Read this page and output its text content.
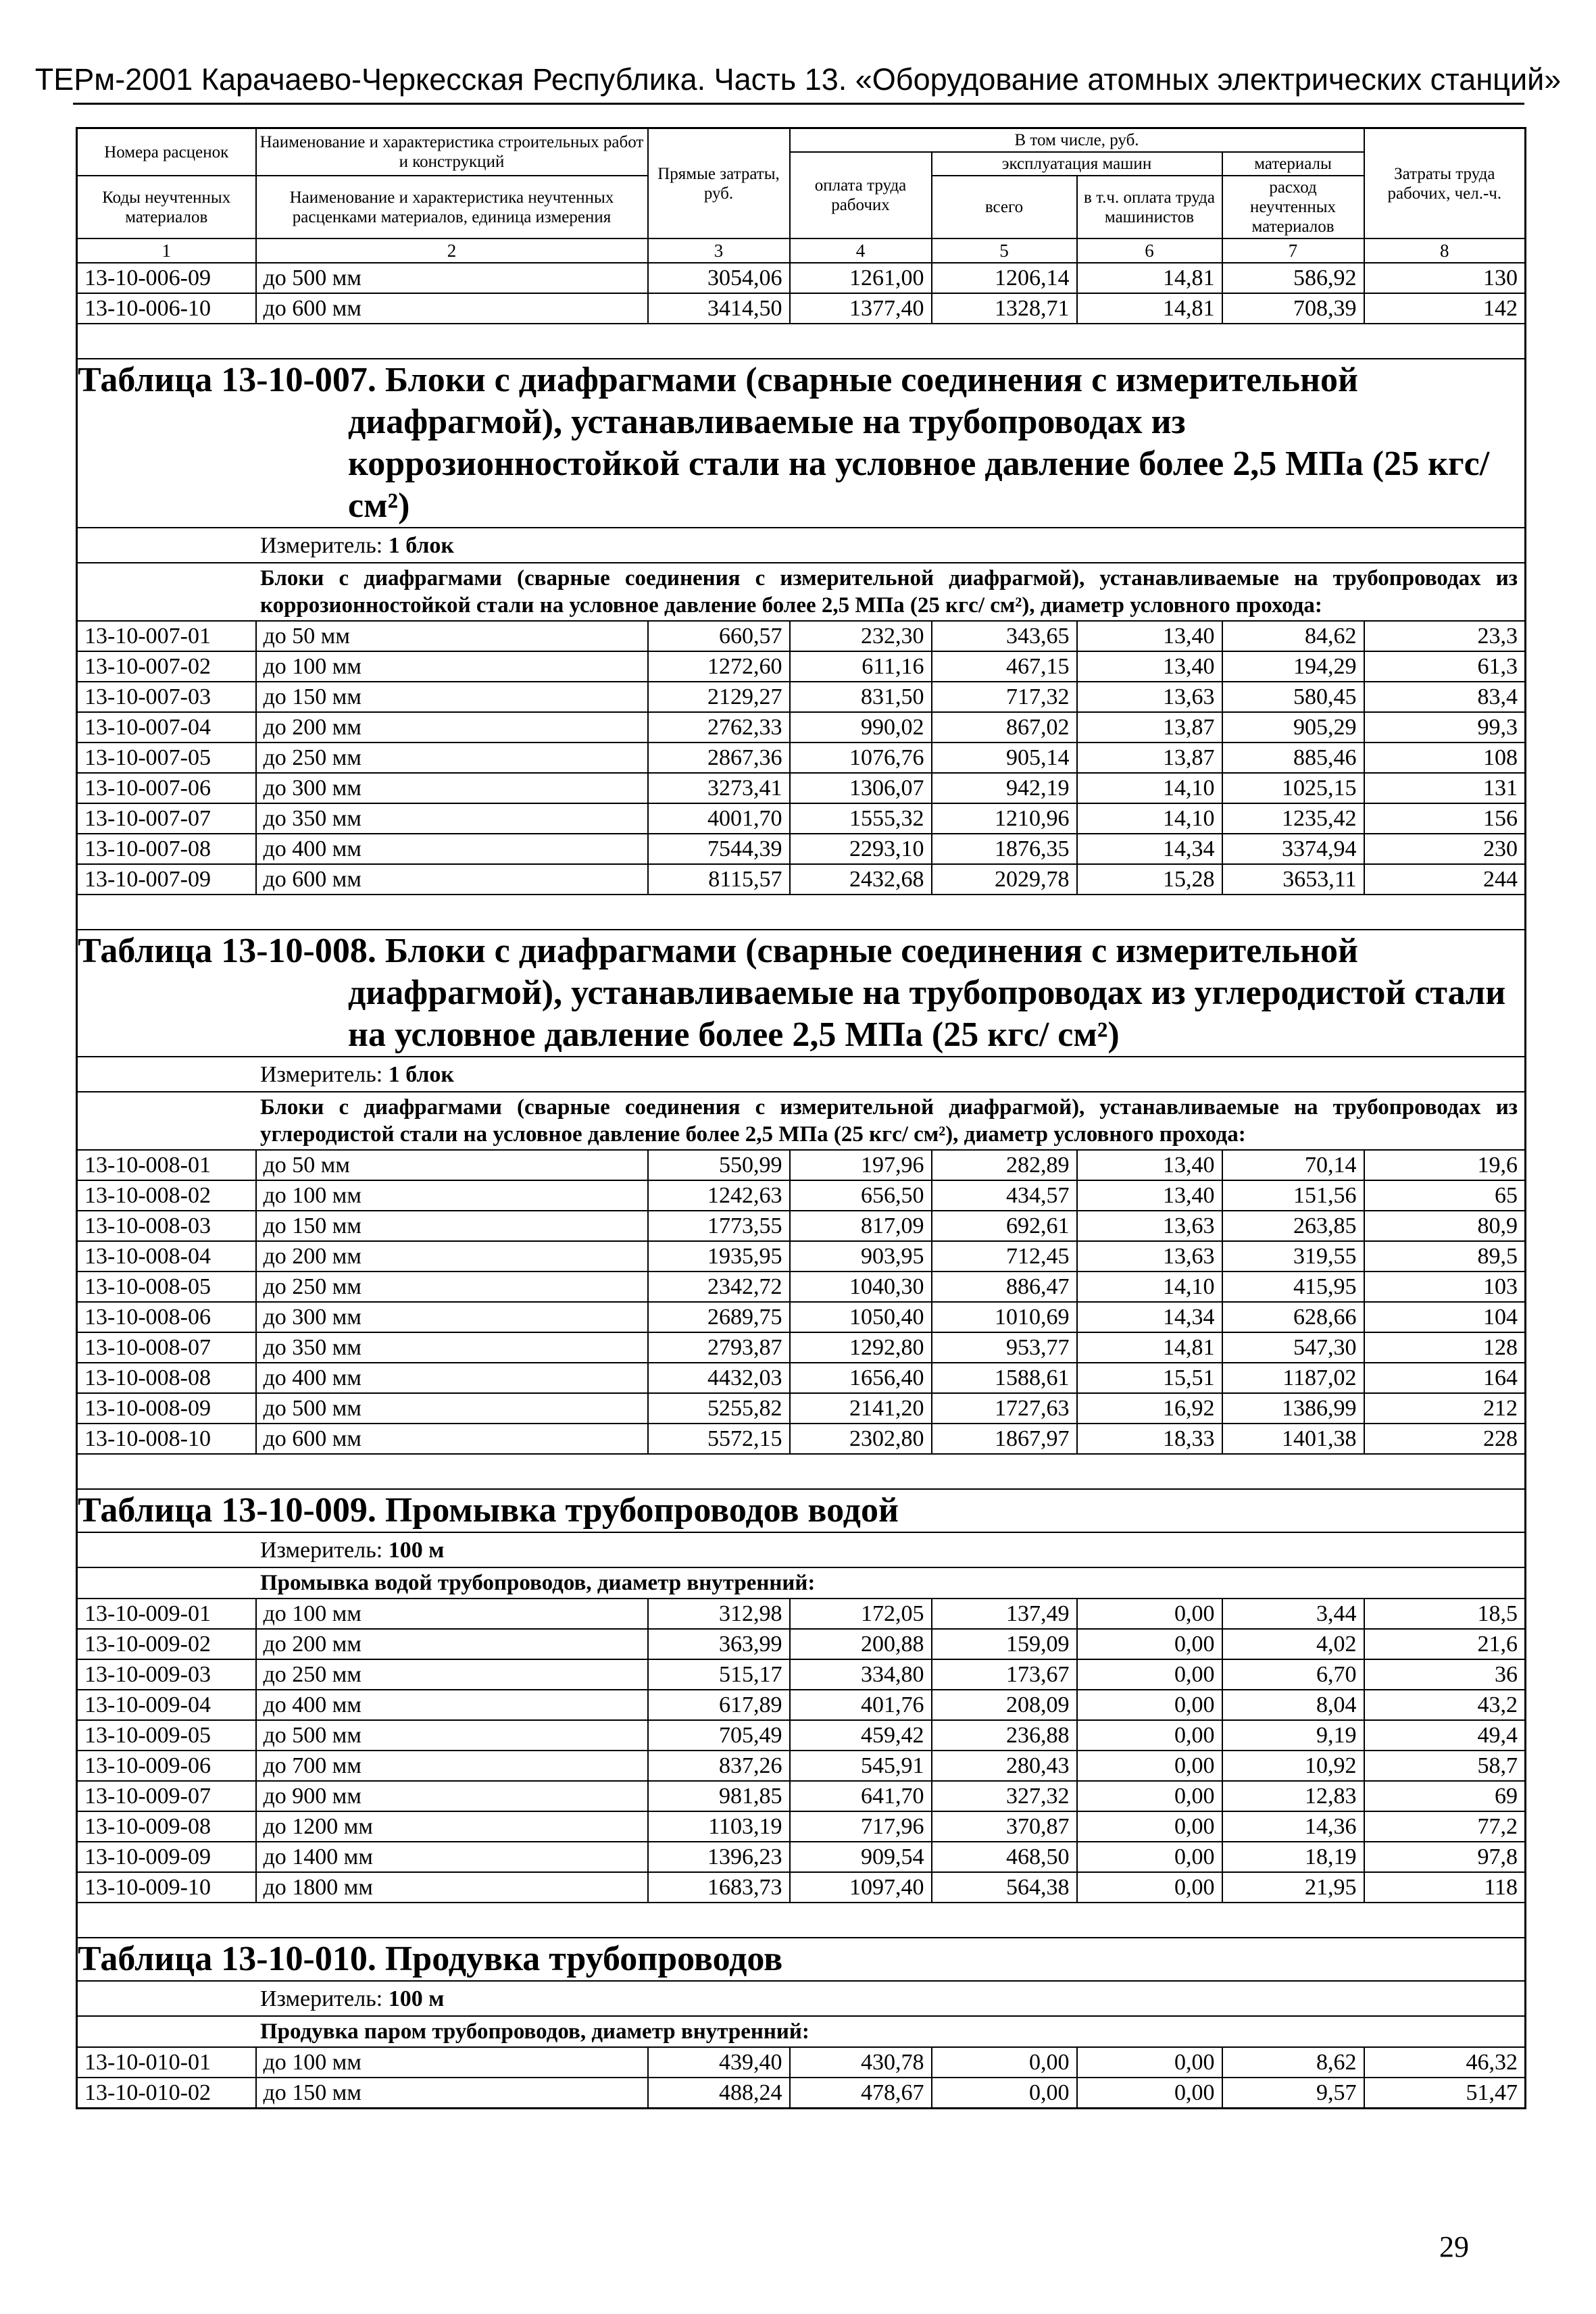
ТЕРм-2001 Карачаево-Черкесская Республика. Часть 13. «Оборудование атомных электрических станций»
Номера расценок	Наименование и характеристика строительных работ и конструкций	Прямые затраты, руб.	В том числе, руб.				Затраты труда рабочих, чел.-ч.
			оплата труда рабочих	эксплуатация машин		материалы	
Коды неучтенных материалов	Наименование и характеристика неучтенных расценками материалов, единица измерения			всего	в т.ч. оплата труда машинистов	расход неучтенных материалов	

1	2	3	4	5	6	7	8
13-10-006-09	до 500 мм	3054,06	1261,00	1206,14	14,81	586,92	130
13-10-006-10	до 600 мм	3414,50	1377,40	1328,71	14,81	708,39	142

Таблица 13-10-007. Блоки с диафрагмами (сварные соединения с измерительной диафрагмой), устанавливаемые на трубопроводах из коррозионностойкой стали на условное давление более 2,5 МПа (25 кгс/ см²)							

Измеритель: 1 блок							
Блоки с диафрагмами (сварные соединения с измерительной диафрагмой), устанавливаемые на трубопроводах из коррозионностойкой стали на условное давление более 2,5 МПа (25 кгс/ см²), диаметр условного прохода:							
13-10-007-01	до 50 мм	660,57	232,30	343,65	13,40	84,62	23,3
13-10-007-02	до 100 мм	1272,60	611,16	467,15	13,40	194,29	61,3
13-10-007-03	до 150 мм	2129,27	831,50	717,32	13,63	580,45	83,4
13-10-007-04	до 200 мм	2762,33	990,02	867,02	13,87	905,29	99,3
13-10-007-05	до 250 мм	2867,36	1076,76	905,14	13,87	885,46	108
13-10-007-06	до 300 мм	3273,41	1306,07	942,19	14,10	1025,15	131
13-10-007-07	до 350 мм	4001,70	1555,32	1210,96	14,10	1235,42	156
13-10-007-08	до 400 мм	7544,39	2293,10	1876,35	14,34	3374,94	230
13-10-007-09	до 600 мм	8115,57	2432,68	2029,78	15,28	3653,11	244

Таблица 13-10-008. Блоки с диафрагмами (сварные соединения с измерительной диафрагмой), устанавливаемые на трубопроводах из углеродистой стали на условное давление более 2,5 МПа (25 кгс/ см²)							

Измеритель: 1 блок							
Блоки с диафрагмами (сварные соединения с измерительной диафрагмой), устанавливаемые на трубопроводах из углеродистой стали на условное давление более 2,5 МПа (25 кгс/ см²), диаметр условного прохода:							
13-10-008-01	до 50 мм	550,99	197,96	282,89	13,40	70,14	19,6
13-10-008-02	до 100 мм	1242,63	656,50	434,57	13,40	151,56	65
13-10-008-03	до 150 мм	1773,55	817,09	692,61	13,63	263,85	80,9
13-10-008-04	до 200 мм	1935,95	903,95	712,45	13,63	319,55	89,5
13-10-008-05	до 250 мм	2342,72	1040,30	886,47	14,10	415,95	103
13-10-008-06	до 300 мм	2689,75	1050,40	1010,69	14,34	628,66	104
13-10-008-07	до 350 мм	2793,87	1292,80	953,77	14,81	547,30	128
13-10-008-08	до 400 мм	4432,03	1656,40	1588,61	15,51	1187,02	164
13-10-008-09	до 500 мм	5255,82	2141,20	1727,63	16,92	1386,99	212
13-10-008-10	до 600 мм	5572,15	2302,80	1867,97	18,33	1401,38	228

Таблица 13-10-009. Промывка трубопроводов водой							

Измеритель: 100 м							
Промывка водой трубопроводов, диаметр внутренний:							
13-10-009-01	до 100 мм	312,98	172,05	137,49	0,00	3,44	18,5
13-10-009-02	до 200 мм	363,99	200,88	159,09	0,00	4,02	21,6
13-10-009-03	до 250 мм	515,17	334,80	173,67	0,00	6,70	36
13-10-009-04	до 400 мм	617,89	401,76	208,09	0,00	8,04	43,2
13-10-009-05	до 500 мм	705,49	459,42	236,88	0,00	9,19	49,4
13-10-009-06	до 700 мм	837,26	545,91	280,43	0,00	10,92	58,7
13-10-009-07	до 900 мм	981,85	641,70	327,32	0,00	12,83	69
13-10-009-08	до 1200 мм	1103,19	717,96	370,87	0,00	14,36	77,2
13-10-009-09	до 1400 мм	1396,23	909,54	468,50	0,00	18,19	97,8
13-10-009-10	до 1800 мм	1683,73	1097,40	564,38	0,00	21,95	118

Таблица 13-10-010. Продувка трубопроводов							

Измеритель: 100 м							
Продувка паром трубопроводов, диаметр внутренний:							
13-10-010-01	до 100 мм	439,40	430,78	0,00	0,00	8,62	46,32
13-10-010-02	до 150 мм	488,24	478,67	0,00	0,00	9,57	51,47
29
